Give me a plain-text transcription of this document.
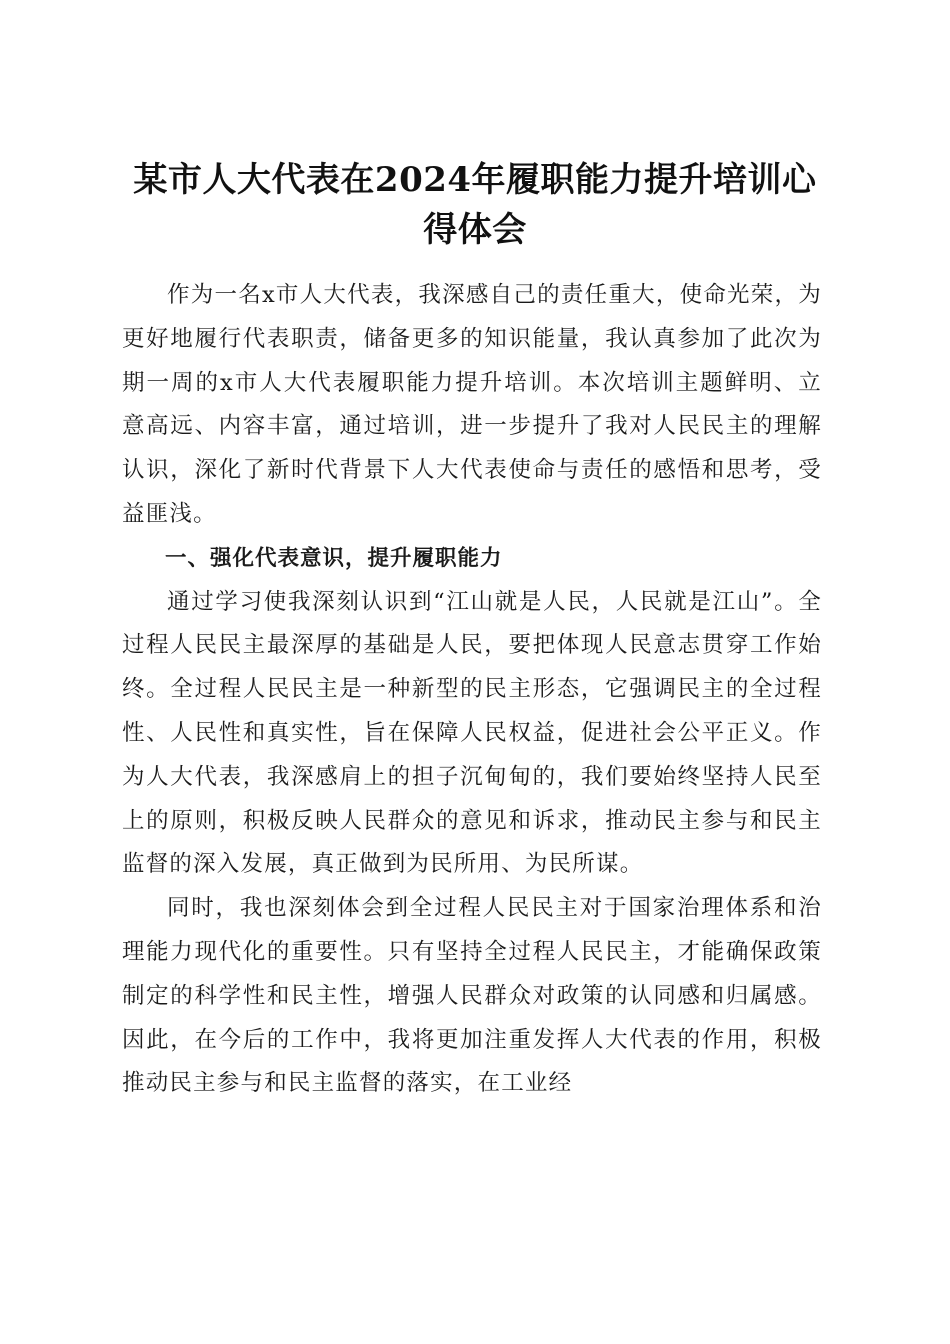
某市人大代表在2024年履职能力提升培训心得体会

作为一名x市人大代表，我深感自己的责任重大，使命光荣，为更好地履行代表职责，储备更多的知识能量，我认真参加了此次为期一周的x市人大代表履职能力提升培训。本次培训主题鲜明、立意高远、内容丰富，通过培训，进一步提升了我对人民民主的理解认识，深化了新时代背景下人大代表使命与责任的感悟和思考，受益匪浅。

一、强化代表意识，提升履职能力

通过学习使我深刻认识到“江山就是人民，人民就是江山”。全过程人民民主最深厚的基础是人民，要把体现人民意志贯穿工作始终。全过程人民民主是一种新型的民主形态，它强调民主的全过程性、人民性和真实性，旨在保障人民权益，促进社会公平正义。作为人大代表，我深感肩上的担子沉甸甸的，我们要始终坚持人民至上的原则，积极反映人民群众的意见和诉求，推动民主参与和民主监督的深入发展，真正做到为民所用、为民所谋。

同时，我也深刻体会到全过程人民民主对于国家治理体系和治理能力现代化的重要性。只有坚持全过程人民民主，才能确保政策制定的科学性和民主性，增强人民群众对政策的认同感和归属感。因此，在今后的工作中，我将更加注重发挥人大代表的作用，积极推动民主参与和民主监督的落实，在工业经
